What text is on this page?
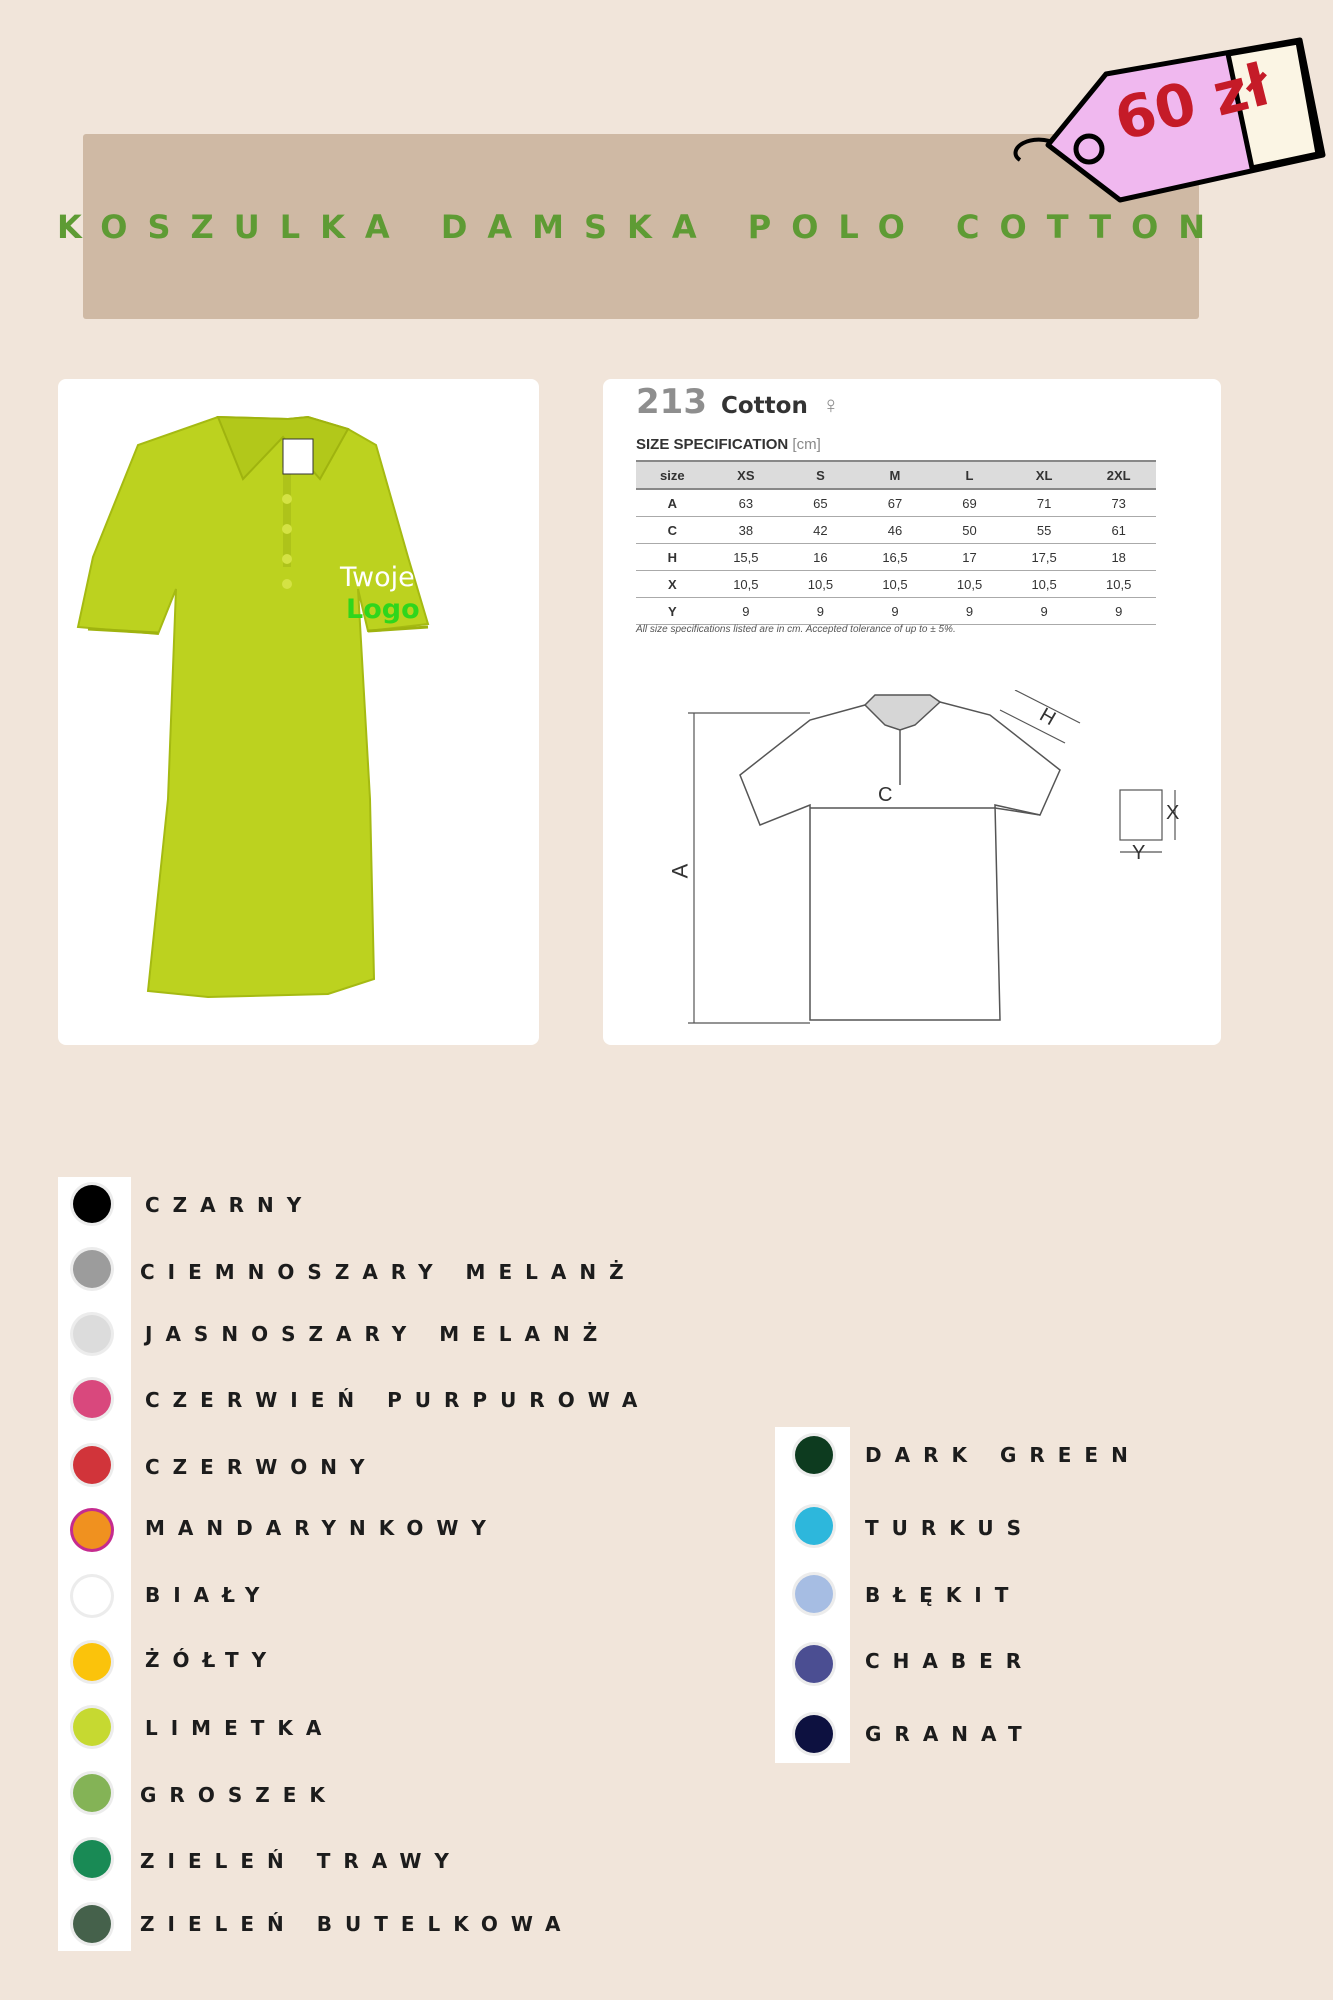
KOSZULKA DAMSKA POLO COTTON
60 zł
Twoje
Logo
213 Cotton ♀
SIZE SPECIFICATION [cm]
size	XS	S	M	L	XL	2XL
A	63	65	67	69	71	73
C	38	42	46	50	55	61
H	15,5	16	16,5	17	17,5	18
X	10,5	10,5	10,5	10,5	10,5	10,5
Y	9	9	9	9	9	9
All size specifications listed are in cm. Accepted tolerance of up to ± 5%.
A
C
H
X
Y
CZARNY
CIEMNOSZARY MELANŻ
JASNOSZARY MELANŻ
CZERWIEŃ PURPUROWA
CZERWONY
MANDARYNKOWY
BIAŁY
ŻÓŁTY
LIMETKA
GROSZEK
ZIELEŃ TRAWY
ZIELEŃ BUTELKOWA
DARK GREEN
TURKUS
BŁĘKIT
CHABER
GRANAT
